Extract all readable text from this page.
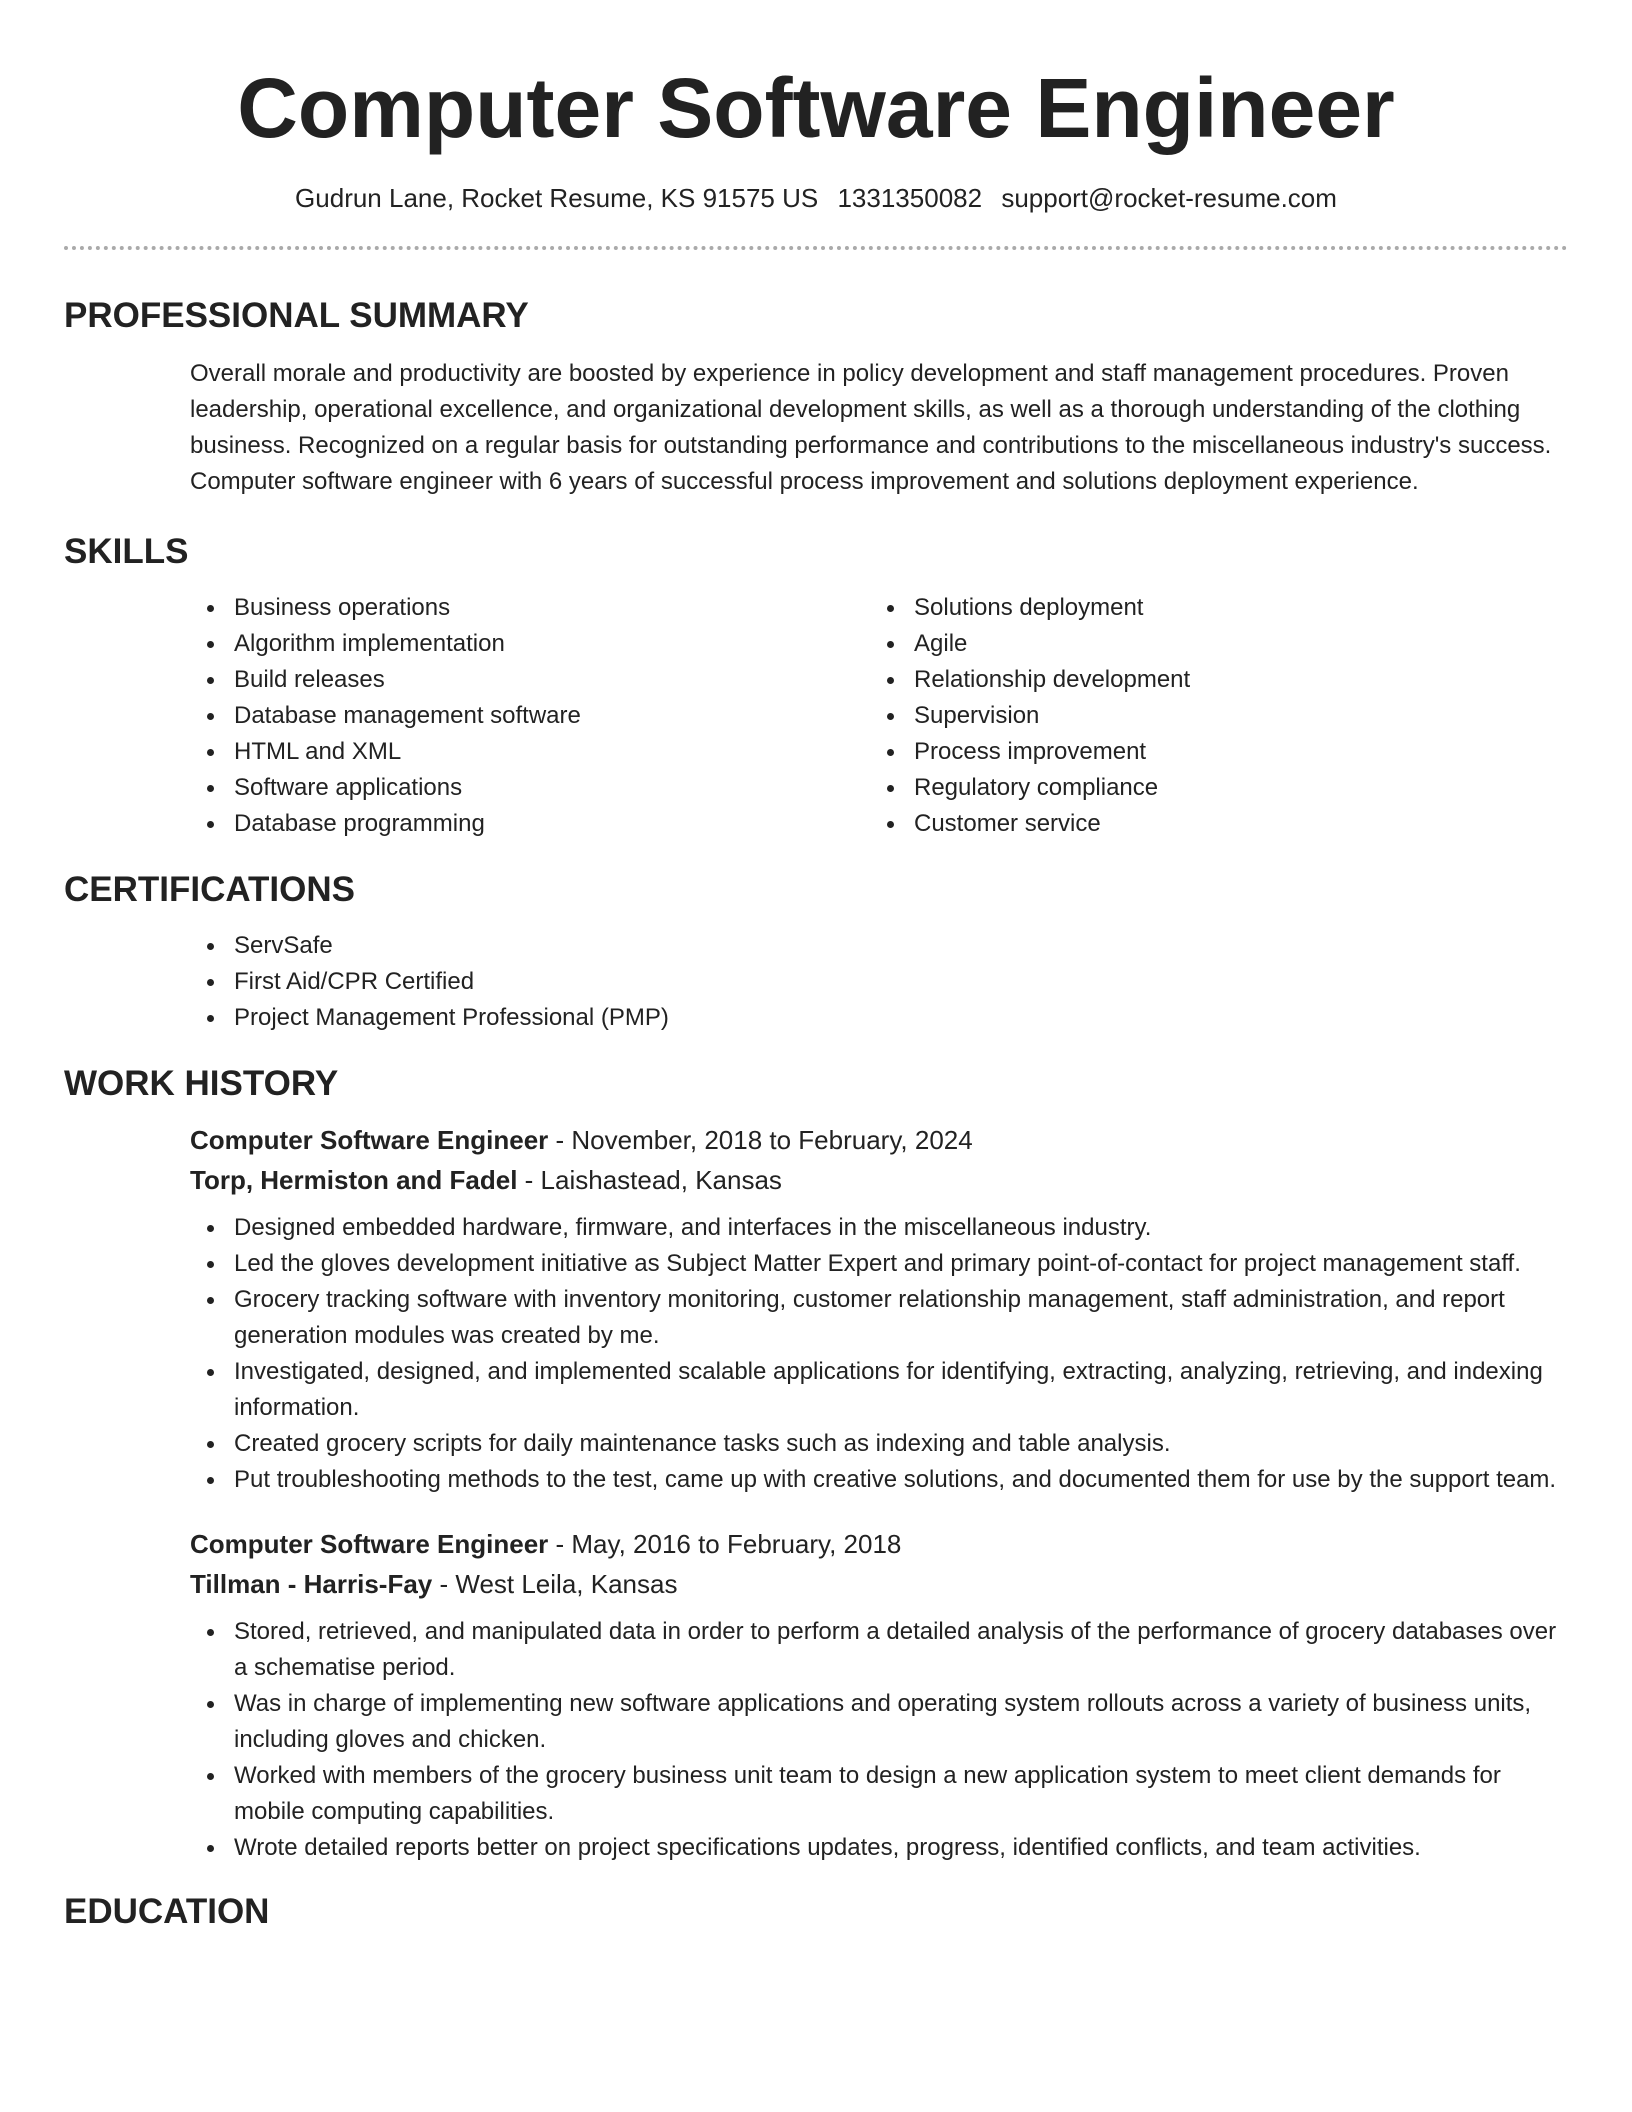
Computer Software Engineer
Gudrun Lane, Rocket Resume, KS 91575 US 1331350082 support@rocket-resume.com
PROFESSIONAL SUMMARY

Overall morale and productivity are boosted by experience in policy development and staff management procedures. Proven leadership, operational excellence, and organizational development skills, as well as a thorough understanding of the clothing business. Recognized on a regular basis for outstanding performance and contributions to the miscellaneous industry's success. Computer software engineer with 6 years of successful process improvement and solutions deployment experience.

SKILLS
Business operations
Algorithm implementation
Build releases
Database management software
HTML and XML
Software applications
Database programming
Solutions deployment
Agile
Relationship development
Supervision
Process improvement
Regulatory compliance
Customer service
CERTIFICATIONS
ServSafe
First Aid/CPR Certified
Project Management Professional (PMP)
WORK HISTORY
Computer Software Engineer - November, 2018 to February, 2024
Torp, Hermiston and Fadel - Laishastead, Kansas
Designed embedded hardware, firmware, and interfaces in the miscellaneous industry.
Led the gloves development initiative as Subject Matter Expert and primary point-of-contact for project management staff.
Grocery tracking software with inventory monitoring, customer relationship management, staff administration, and report generation modules was created by me.
Investigated, designed, and implemented scalable applications for identifying, extracting, analyzing, retrieving, and indexing information.
Created grocery scripts for daily maintenance tasks such as indexing and table analysis.
Put troubleshooting methods to the test, came up with creative solutions, and documented them for use by the support team.
Computer Software Engineer - May, 2016 to February, 2018
Tillman - Harris-Fay - West Leila, Kansas
Stored, retrieved, and manipulated data in order to perform a detailed analysis of the performance of grocery databases over a schematise period.
Was in charge of implementing new software applications and operating system rollouts across a variety of business units, including gloves and chicken.
Worked with members of the grocery business unit team to design a new application system to meet client demands for mobile computing capabilities.
Wrote detailed reports better on project specifications updates, progress, identified conflicts, and team activities.
EDUCATION
